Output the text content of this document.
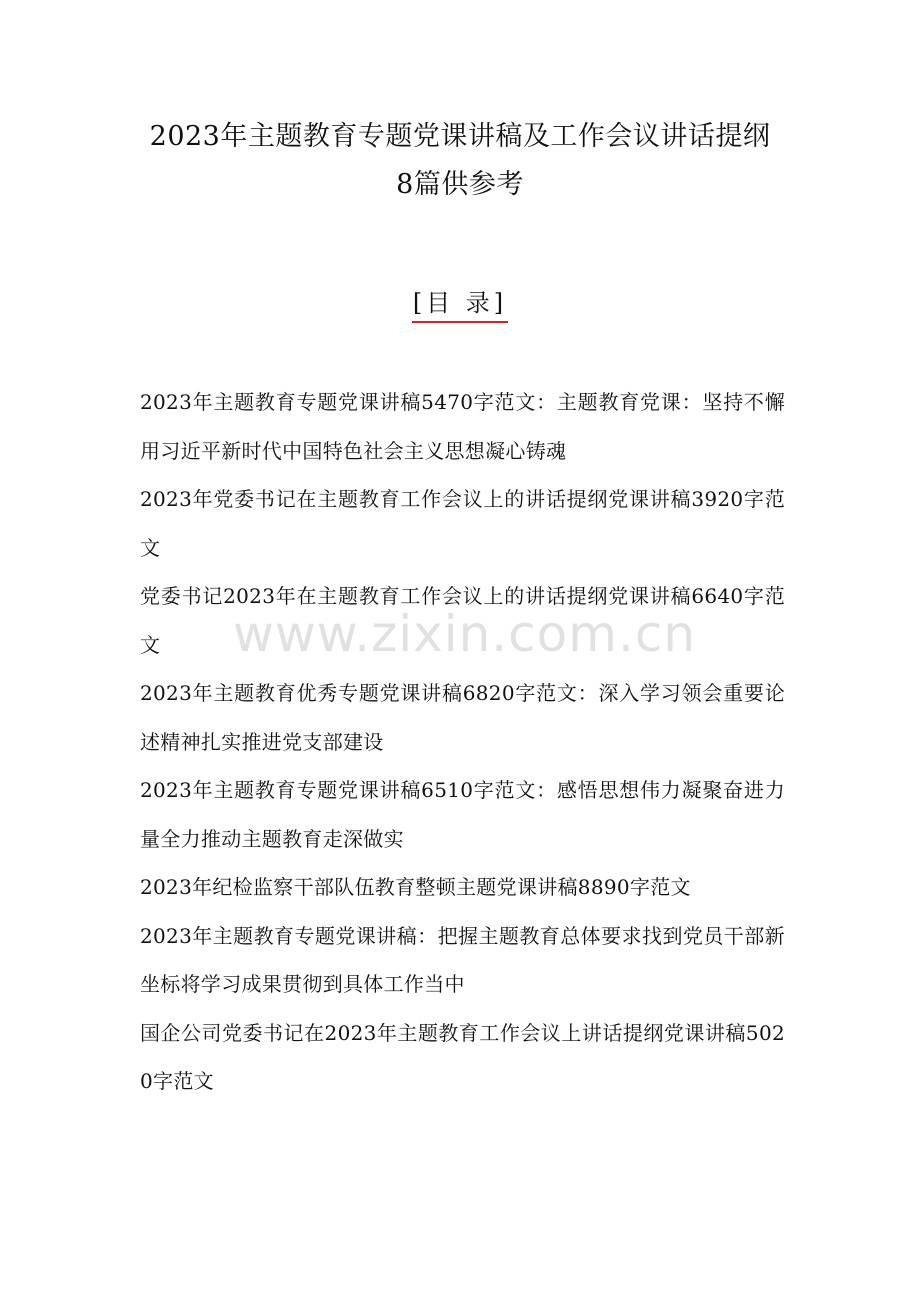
2023年主题教育专题党课讲稿及工作会议讲话提纲
8篇供参考
[目 录]
2023年主题教育专题党课讲稿5470字范文：主题教育党课：坚持不懈用习近平新时代中国特色社会主义思想凝心铸魂
2023年党委书记在主题教育工作会议上的讲话提纲党课讲稿3920字范文
党委书记2023年在主题教育工作会议上的讲话提纲党课讲稿6640字范文
2023年主题教育优秀专题党课讲稿6820字范文：深入学习领会重要论述精神扎实推进党支部建设
2023年主题教育专题党课讲稿6510字范文：感悟思想伟力凝聚奋进力量全力推动主题教育走深做实
2023年纪检监察干部队伍教育整顿主题党课讲稿8890字范文
2023年主题教育专题党课讲稿：把握主题教育总体要求找到党员干部新坐标将学习成果贯彻到具体工作当中
国企公司党委书记在2023年主题教育工作会议上讲话提纲党课讲稿5020字范文
www.zixin.com.cn
